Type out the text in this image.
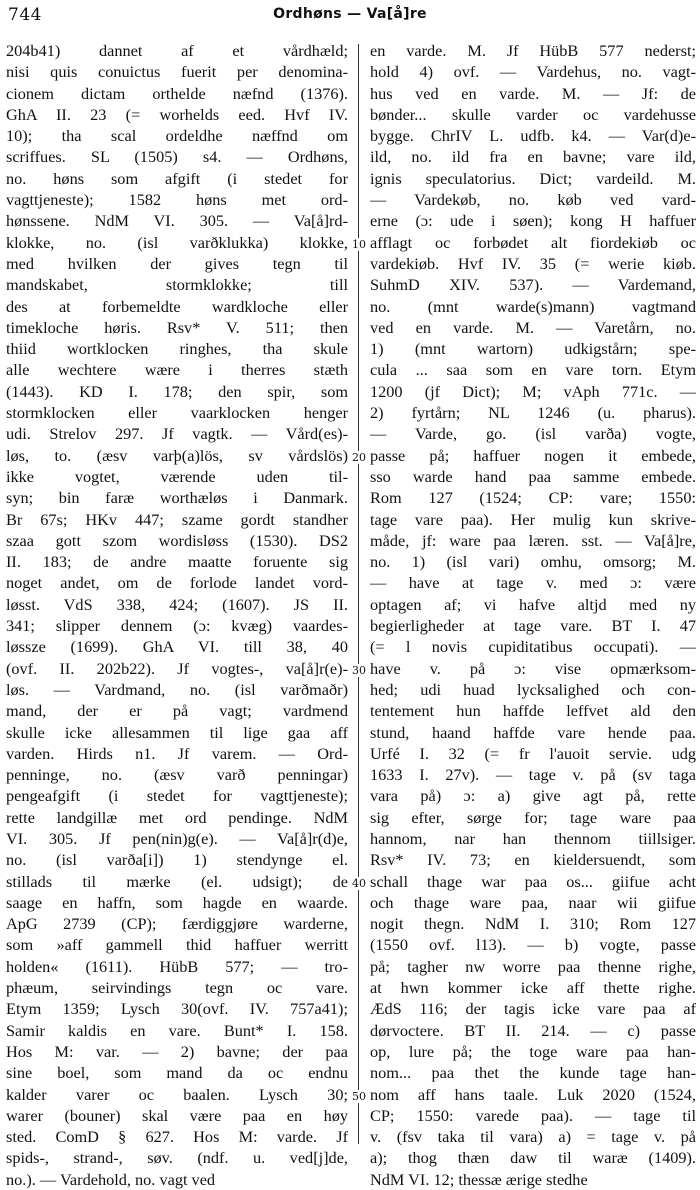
744	Ordhøns — Va[å]re
204b41) dannet af et vårdhæld;
nisi quis conuictus fuerit per denomina-
cionem dictam orthelde næfnd (1376).
GhA II. 23 (= worhelds eed. Hvf IV.
10); tha scal ordeldhe næffnd om
scriffues. SL (1505) s4. — Ordhøns,
no. høns som afgift (i stedet for
vagttjeneste); 1582 høns met ord-
hønssene. NdM VI. 305. — Va[å]rd-
klokke, no. (isl varðklukka) klokke,
med hvilken der gives tegn til
mandskabet, stormklokke; till
des at forbemeldte wardkloche eller
timekloche høris. Rsv* V. 511; then
thiid wortklocken ringhes, tha skule
alle wechtere wære i therres stæth
(1443). KD I. 178; den spir, som
stormklocken eller vaarklocken henger
udi. Strelov 297. Jf vagtk. — Vård(es)-
løs, to. (æsv varþ(a)lös, sv vårdslös)
ikke vogtet, værende uden til-
syn; bin faræ worthæløs i Danmark.
Br 67s; HKv 447; szame gordt standher
szaa gott szom wordisløss (1530). DS2
II. 183; de andre maatte foruente sig
noget andet, om de forlode landet vord-
løsst. VdS 338, 424; (1607). JS II.
341; slipper dennem (ɔ: kvæg) vaardes-
løssze (1699). GhA VI. till 38, 40
(ovf. II. 202b22). Jf vogtes-, va[å]r(e)-
løs. — Vardmand, no. (isl varðmaðr)
mand, der er på vagt; vardmend
skulle icke allesammen til lige gaa aff
varden. Hirds n1. Jf varem. — Ord-
penninge, no. (æsv varð penningar)
pengeafgift (i stedet for vagttjeneste);
rette landgillæ met ord pendinge. NdM
VI. 305. Jf pen(nin)g(e). — Va[å]r(d)e,
no. (isl varða[i]) 1) stendynge el.
stillads til mærke (el. udsigt); de
saage en haffn, som hagde en waarde.
ApG 2739 (CP); færdiggjøre warderne,
som »aff gammell thid haffuer werritt
holden« (1611). HübB 577; — tro-
phæum, seirvindings tegn oc vare.
Etym 1359; Lysch 30(ovf. IV. 757a41);
Samir kaldis en vare. Bunt* I. 158.
Hos M: var. — 2) bavne; der paa
sine boel, som mand da oc endnu
kalder varer oc baalen. Lysch 30;
warer (bouner) skal være paa en høy
sted. ComD § 627. Hos M: varde. Jf
spids-, strand-, søv. (ndf. u. ved[j]de,
no.). — Vardehold, no. vagt ved
10
20
30
40
50
en varde. M. Jf HübB 577 nederst;
hold 4) ovf. — Vardehus, no. vagt-
hus ved en varde. M. — Jf: de
bønder... skulle varder oc vardehusse
bygge. ChrIV L. udfb. k4. — Var(d)e-
ild, no. ild fra en bavne; vare ild,
ignis speculatorius. Dict; vardeild. M.
— Vardekøb, no. køb ved vard-
erne (ɔ: ude i søen); kong H haffuer
afflagt oc forbødet alt fiordekiøb oc
vardekiøb. Hvf IV. 35 (= werie kiøb.
SuhmD XIV. 537). — Vardemand,
no. (mnt warde(s)mann) vagtmand
ved en varde. M. — Varetårn, no.
1) (mnt wartorn) udkigstårn; spe-
cula ... saa som en vare torn. Etym
1200 (jf Dict); M; vAph 771c. —
2) fyrtårn; NL 1246 (u. pharus).
— Varde, go. (isl varða) vogte,
passe på; haffuer nogen it embede,
sso warde hand paa samme embede.
Rom 127 (1524; CP: vare; 1550:
tage vare paa). Her mulig kun skrive-
måde, jf: ware paa læren. sst. — Va[å]re,
no. 1) (isl vari) omhu, omsorg; M.
— have at tage v. med ɔ: være
optagen af; vi hafve altjd med ny
begierligheder at tage vare. BT I. 47
(= l novis cupiditatibus occupati). —
have v. på ɔ: vise opmærksom-
hed; udi huad lycksalighed och con-
tentement hun haffde leffvet ald den
stund, haand haffde vare hende paa.
Urfé I. 32 (= fr l'auoit servie. udg
1633 I. 27v). — tage v. på (sv taga
vara på) ɔ: a) give agt på, rette
sig efter, sørge for; tage ware paa
hannom, nar han thennom tiillsiger.
Rsv* IV. 73; en kieldersuendt, som
schall thage war paa os... giifue acht
och thage ware paa, naar wii giifue
nogit thegn. NdM I. 310; Rom 127
(1550 ovf. l13). — b) vogte, passe
på; tagher nw worre paa thenne righe,
at hwn kommer icke aff thette righe.
ÆdS 116; der tagis icke vare paa af
dørvoctere. BT II. 214. — c) passe
op, lure på; the toge ware paa han-
nom... paa thet the kunde tage han-
nom aff hans taale. Luk 2020 (1524,
CP; 1550: varede paa). — tage til
v. (fsv taka til vara) a) = tage v. på
a); thog thæn daw til waræ (1409).
NdM VI. 12; thessæ ærige stedhe
